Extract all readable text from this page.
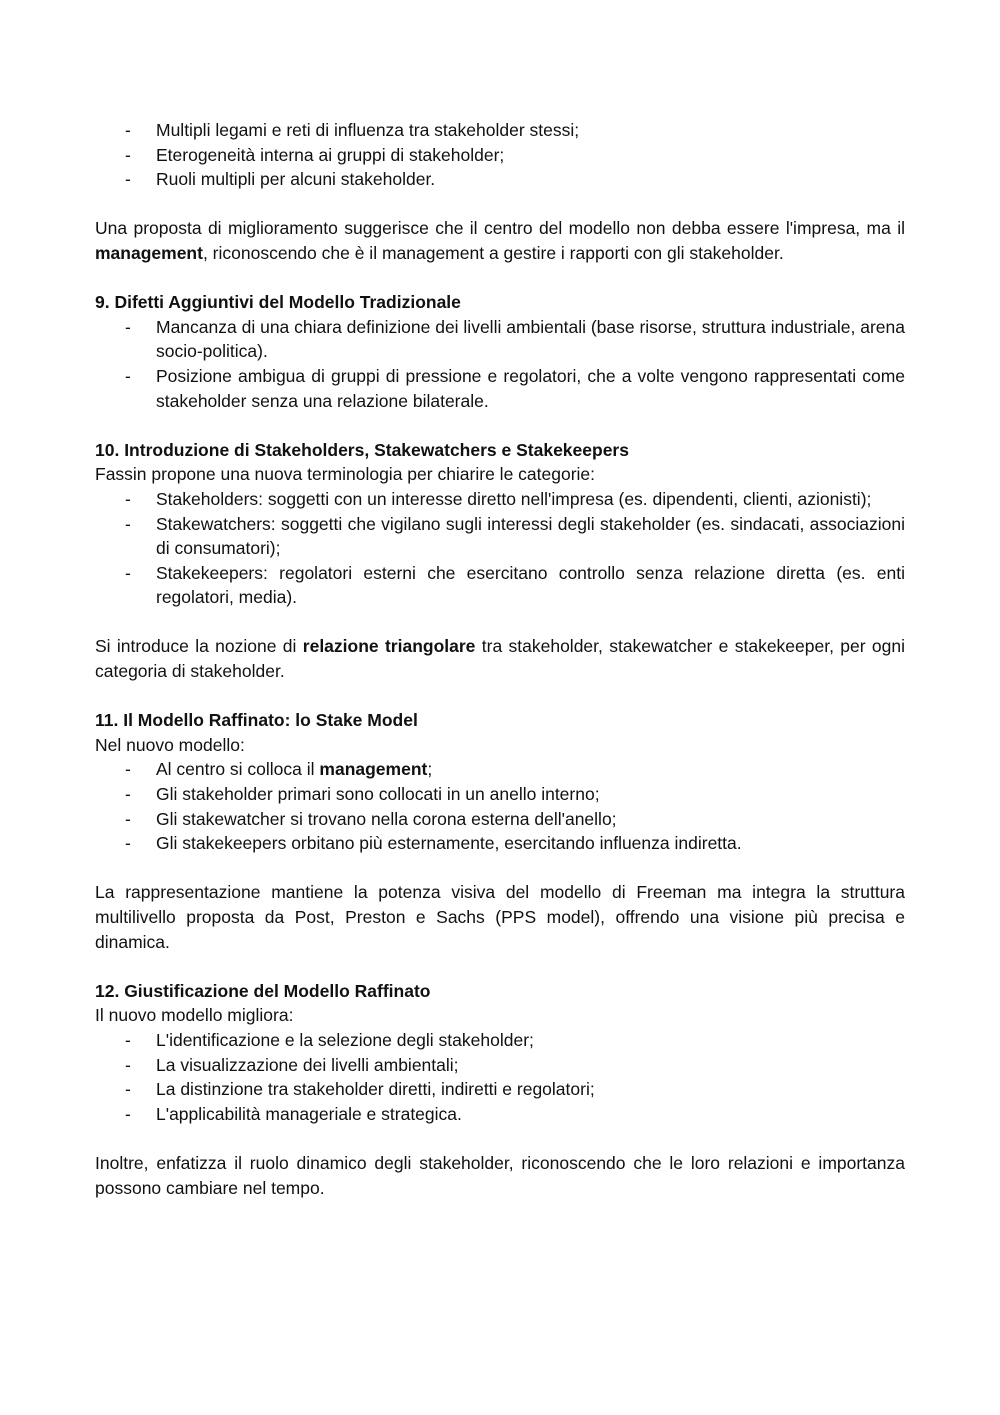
- Multipli legami e reti di influenza tra stakeholder stessi;
- Eterogeneità interna ai gruppi di stakeholder;
- Ruoli multipli per alcuni stakeholder.

Una proposta di miglioramento suggerisce che il centro del modello non debba essere l'impresa, ma il management, riconoscendo che è il management a gestire i rapporti con gli stakeholder.

9. Difetti Aggiuntivi del Modello Tradizionale

- Mancanza di una chiara definizione dei livelli ambientali (base risorse, struttura industriale, arena socio-politica).
- Posizione ambigua di gruppi di pressione e regolatori, che a volte vengono rappresentati come stakeholder senza una relazione bilaterale.

10. Introduzione di Stakeholders, Stakewatchers e Stakekeepers

Fassin propone una nuova terminologia per chiarire le categorie:

- Stakeholders: soggetti con un interesse diretto nell'impresa (es. dipendenti, clienti, azionisti);
- Stakewatchers: soggetti che vigilano sugli interessi degli stakeholder (es. sindacati, associazioni di consumatori);
- Stakekeepers: regolatori esterni che esercitano controllo senza relazione diretta (es. enti regolatori, media).

Si introduce la nozione di relazione triangolare tra stakeholder, stakewatcher e stakekeeper, per ogni categoria di stakeholder.

11. Il Modello Raffinato: lo Stake Model

Nel nuovo modello:

- Al centro si colloca il management;
- Gli stakeholder primari sono collocati in un anello interno;
- Gli stakewatcher si trovano nella corona esterna dell'anello;
- Gli stakekeepers orbitano più esternamente, esercitando influenza indiretta.

La rappresentazione mantiene la potenza visiva del modello di Freeman ma integra la struttura multilivello proposta da Post, Preston e Sachs (PPS model), offrendo una visione più precisa e dinamica.

12. Giustificazione del Modello Raffinato

Il nuovo modello migliora:

- L'identificazione e la selezione degli stakeholder;
- La visualizzazione dei livelli ambientali;
- La distinzione tra stakeholder diretti, indiretti e regolatori;
- L'applicabilità manageriale e strategica.

Inoltre, enfatizza il ruolo dinamico degli stakeholder, riconoscendo che le loro relazioni e importanza possono cambiare nel tempo.
